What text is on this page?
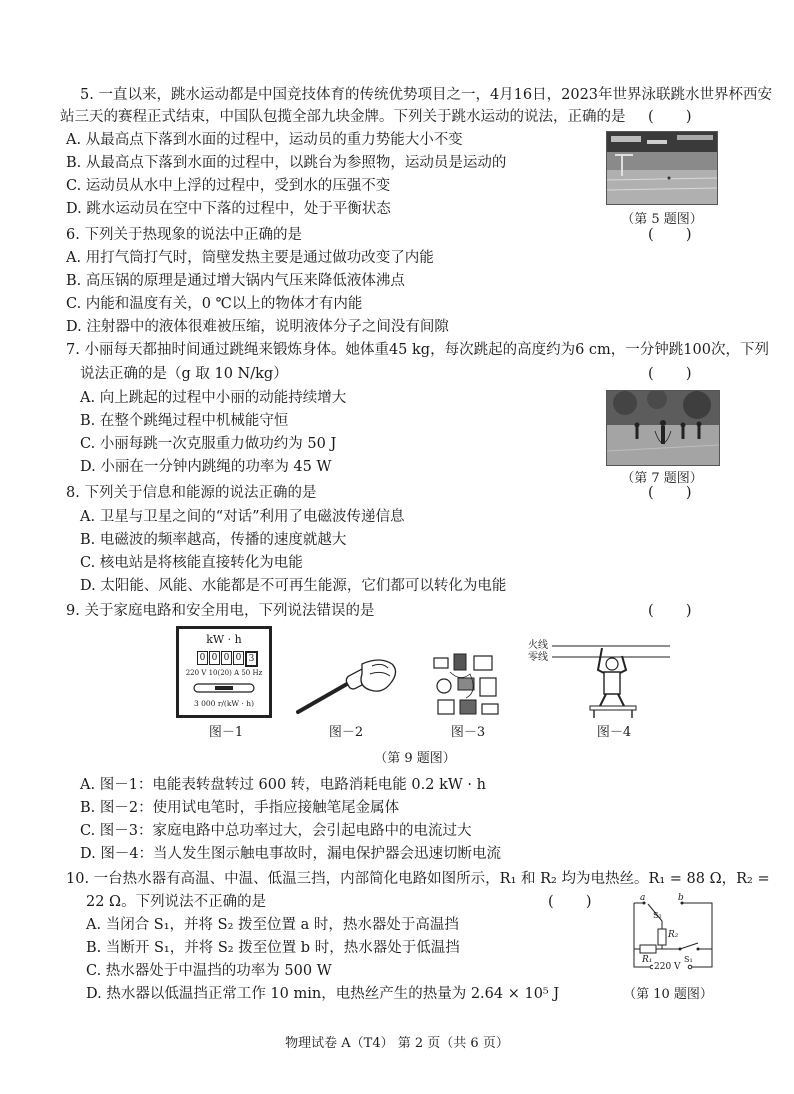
5. 一直以来，跳水运动都是中国竞技体育的传统优势项目之一，4月16日，2023年世界泳联跳水世界杯西安
站三天的赛程正式结束，中国队包揽全部九块金牌。下列关于跳水运动的说法，正确的是 (       )
A. 从最高点下落到水面的过程中，运动员的重力势能大小不变
B. 从最高点下落到水面的过程中，以跳台为参照物，运动员是运动的
C. 运动员从水中上浮的过程中，受到水的压强不变
D. 跳水运动员在空中下落的过程中，处于平衡状态
（第 5 题图）
6. 下列关于热现象的说法中正确的是	(       )
A. 用打气筒打气时，筒壁发热主要是通过做功改变了内能
B. 高压锅的原理是通过增大锅内气压来降低液体沸点
C. 内能和温度有关，0 ℃以上的物体才有内能
D. 注射器中的液体很难被压缩，说明液体分子之间没有间隙
7. 小丽每天都抽时间通过跳绳来锻炼身体。她体重45 kg，每次跳起的高度约为6 cm，一分钟跳100次，下列
说法正确的是（g 取 10 N/kg）	(       )
A. 向上跳起的过程中小丽的动能持续增大
B. 在整个跳绳过程中机械能守恒
C. 小丽每跳一次克服重力做功约为 50 J
D. 小丽在一分钟内跳绳的功率为 45 W
（第 7 题图）
8. 下列关于信息和能源的说法正确的是	(       )
A. 卫星与卫星之间的“对话”利用了电磁波传递信息
B. 电磁波的频率越高，传播的速度就越大
C. 核电站是将核能直接转化为电能
D. 太阳能、风能、水能都是不可再生能源，它们都可以转化为电能
9. 关于家庭电路和安全用电，下列说法错误的是	(       )
kW · h
0 0 0 0 3
220 V 10(20) A 50 Hz
3 000 r/(kW · h)
图－1	图－2	图－3
火线
零线
图－4
（第 9 题图）
A. 图－1：电能表转盘转过 600 转，电路消耗电能 0.2 kW · h
B. 图－2：使用试电笔时，手指应接触笔尾金属体
C. 图－3：家庭电路中总功率过大，会引起电路中的电流过大
D. 图－4：当人发生图示触电事故时，漏电保护器会迅速切断电流
10. 一台热水器有高温、中温、低温三挡，内部简化电路如图所示，R₁ 和 R₂ 均为电热丝。R₁ = 88 Ω，R₂ =
22 Ω。下列说法不正确的是	(       )
A. 当闭合 S₁，并将 S₂ 拨至位置 a 时，热水器处于高温挡
B. 当断开 S₁，并将 S₂ 拨至位置 b 时，热水器处于低温挡
C. 热水器处于中温挡的功率为 500 W
D. 热水器以低温挡正常工作 10 min，电热丝产生的热量为 2.64 × 10⁵ J
a	b
S₂
R₂
R₁	S₁
220 V
（第 10 题图）
物理试卷 A（T4） 第 2 页（共 6 页）
